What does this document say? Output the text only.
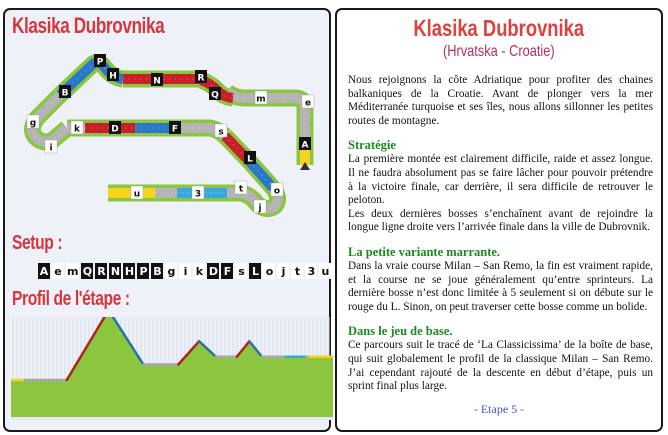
Klasika Dubrovnika
A
e
m
Q
R
N
H
P
B
g
i
k	D	F	s
L
o
j
t
3
u
Setup :
A e m Q R N H P B g i k D F s L o j t 3 u
Profil de l'étape :
Klasika Dubrovnika
(Hrvatska - Croatie)

Nous rejoignons la côte Adriatique pour profiter des chaines balkaniques de la Croatie. Avant de plonger vers la mer Méditerranée turquoise et ses îles, nous allons sillonner les petites routes de montagne.

Stratégie

La première montée est clairement difficile, raide et assez longue. Il ne faudra absolument pas se faire lâcher pour pouvoir prétendre à la victoire finale, car derrière, il sera difficile de retrouver le peloton.

Les deux dernières bosses s’enchaînent avant de rejoindre la longue ligne droite vers l’arrivée finale dans la ville de Dubrovnik.

La petite variante marrante.

Dans la vraie course Milan – San Remo, la fin est vraiment rapide, et la course ne se joue généralement qu’entre sprinteurs. La dernière bosse n’est donc limitée à 5 seulement si on débute sur le rouge du L. Sinon, on peut traverser cette bosse comme un bolide.

Dans le jeu de base.

Ce parcours suit le tracé de ‘La Classicissima’ de la boîte de base, qui suit globalement le profil de la classique Milan – San Remo. J’ai cependant rajouté de la descente en début d’étape, puis un sprint final plus large.

- Etape 5 -
